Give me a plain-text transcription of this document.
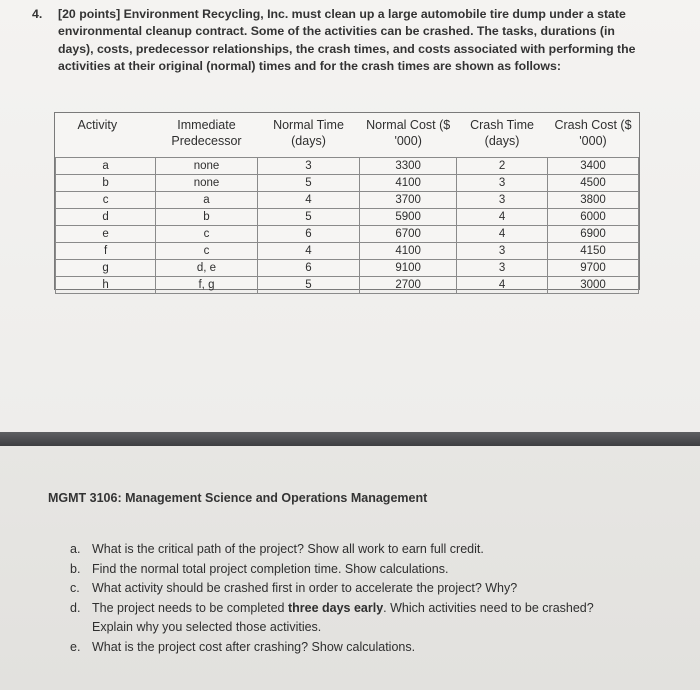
4. [20 points] Environment Recycling, Inc. must clean up a large automobile tire dump under a state environmental cleanup contract. Some of the activities can be crashed. The tasks, durations (in days), costs, predecessor relationships, the crash times, and costs associated with performing the activities at their original (normal) times and for the crash times are shown as follows:
Activity	Immediate Predecessor	Normal Time (days)	Normal Cost ($ '000)	Crash Time (days)	Crash Cost ($ '000)
a	none	3	3300	2	3400
b	none	5	4100	3	4500
c	a	4	3700	3	3800
d	b	5	5900	4	6000
e	c	6	6700	4	6900
f	c	4	4100	3	4150
g	d, e	6	9100	3	9700
h	f, g	5	2700	4	3000
MGMT 3106: Management Science and Operations Management
a. What is the critical path of the project? Show all work to earn full credit.
b. Find the normal total project completion time. Show calculations.
c. What activity should be crashed first in order to accelerate the project? Why?
d. The project needs to be completed three days early. Which activities need to be crashed? Explain why you selected those activities.
e. What is the project cost after crashing? Show calculations.
